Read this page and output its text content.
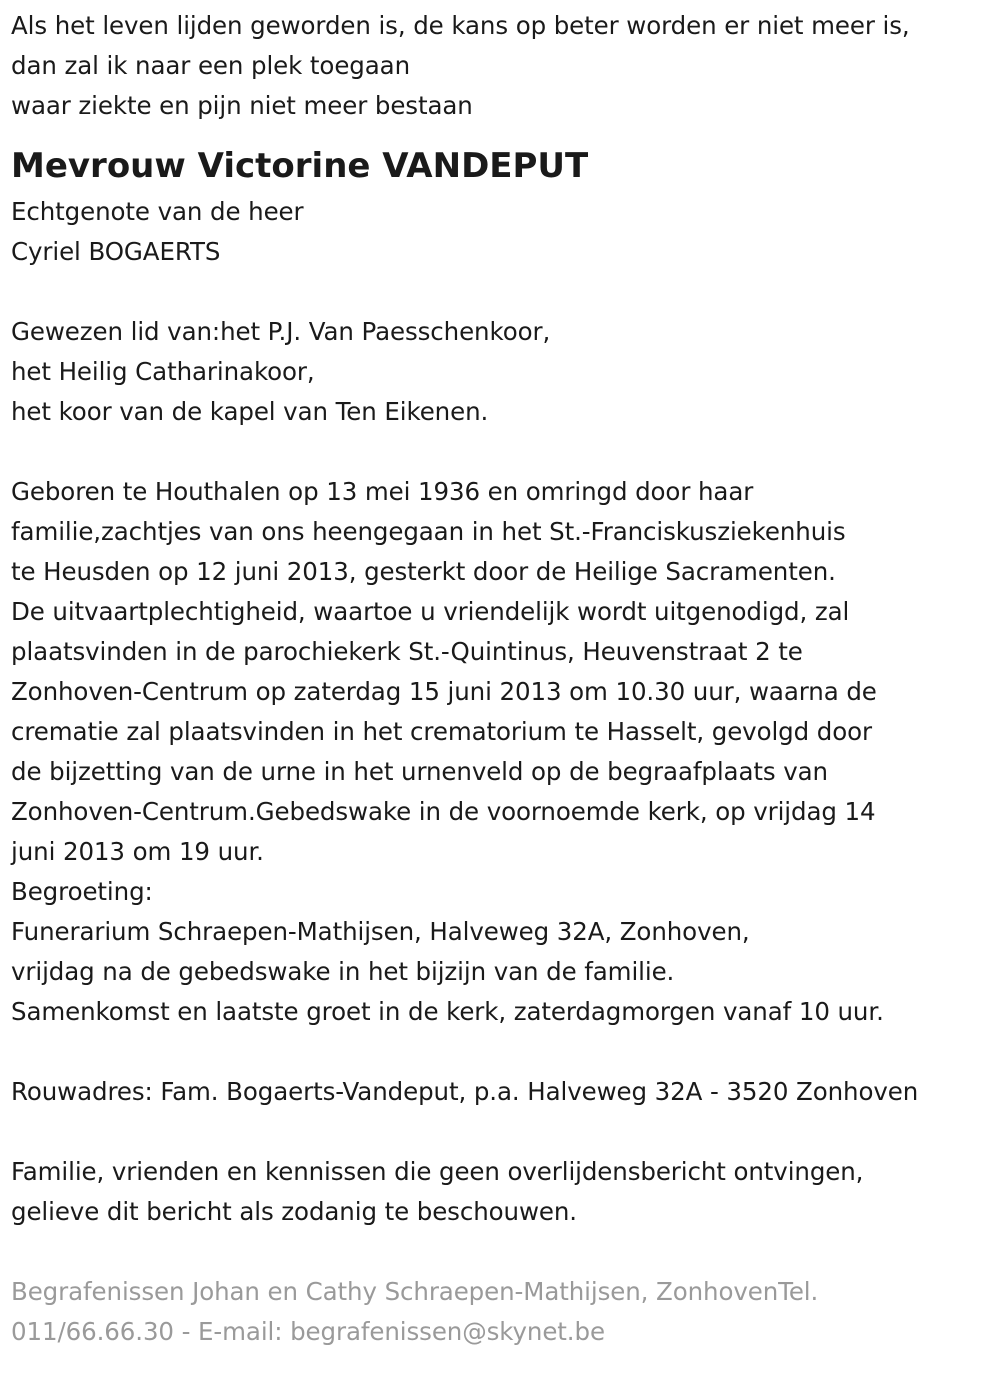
Als het leven lijden geworden is, de kans op beter worden er niet meer is,
dan zal ik naar een plek toegaan
waar ziekte en pijn niet meer bestaan
Mevrouw Victorine VANDEPUT
Echtgenote van de heer
Cyriel BOGAERTS
Gewezen lid van:het P.J. Van Paesschenkoor,
het Heilig Catharinakoor,
het koor van de kapel van Ten Eikenen.
Geboren te Houthalen op 13 mei 1936 en omringd door haar
familie,zachtjes van ons heengegaan in het St.-Franciskusziekenhuis
te Heusden op 12 juni 2013, gesterkt door de Heilige Sacramenten.
De uitvaartplechtigheid, waartoe u vriendelijk wordt uitgenodigd, zal
plaatsvinden in de parochiekerk St.-Quintinus, Heuvenstraat 2 te
Zonhoven-Centrum op zaterdag 15 juni 2013 om 10.30 uur, waarna de
crematie zal plaatsvinden in het crematorium te Hasselt, gevolgd door
de bijzetting van de urne in het urnenveld op de begraafplaats van
Zonhoven-Centrum.Gebedswake in de voornoemde kerk, op vrijdag 14
juni 2013 om 19 uur.
Begroeting:
Funerarium Schraepen-Mathijsen, Halveweg 32A, Zonhoven,
vrijdag na de gebedswake in het bijzijn van de familie.
Samenkomst en laatste groet in de kerk, zaterdagmorgen vanaf 10 uur.
Rouwadres: Fam. Bogaerts-Vandeput, p.a. Halveweg 32A - 3520 Zonhoven
Familie, vrienden en kennissen die geen overlijdensbericht ontvingen,
gelieve dit bericht als zodanig te beschouwen.
Begrafenissen Johan en Cathy Schraepen-Mathijsen, ZonhovenTel.
011/66.66.30 - E-mail: begrafenissen@skynet.be
